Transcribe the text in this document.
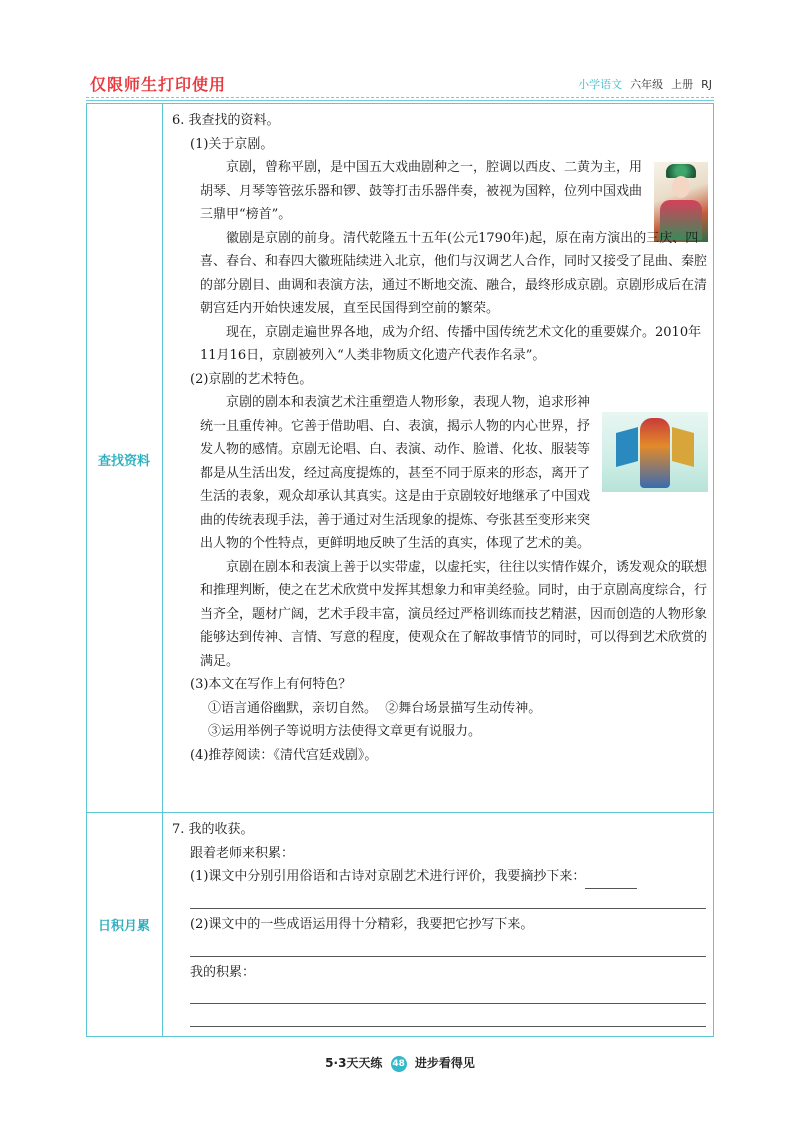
仅限师生打印使用	小学语文 六年级 上册 RJ
查找资料
日积月累

6. 我查找的资料。

(1)关于京剧。

京剧，曾称平剧，是中国五大戏曲剧种之一，腔调以西皮、二黄为主，用胡琴、月琴等管弦乐器和锣、鼓等打击乐器伴奏，被视为国粹，位列中国戏曲三鼎甲“榜首”。

徽剧是京剧的前身。清代乾隆五十五年(公元1790年)起，原在南方演出的三庆、四喜、春台、和春四大徽班陆续进入北京，他们与汉调艺人合作，同时又接受了昆曲、秦腔的部分剧目、曲调和表演方法，通过不断地交流、融合，最终形成京剧。京剧形成后在清朝宫廷内开始快速发展，直至民国得到空前的繁荣。

现在，京剧走遍世界各地，成为介绍、传播中国传统艺术文化的重要媒介。2010年11月16日，京剧被列入“人类非物质文化遗产代表作名录”。

(2)京剧的艺术特色。

京剧的剧本和表演艺术注重塑造人物形象，表现人物，追求形神统一且重传神。它善于借助唱、白、表演，揭示人物的内心世界，抒发人物的感情。京剧无论唱、白、表演、动作、脸谱、化妆、服装等都是从生活出发，经过高度提炼的，甚至不同于原来的形态，离开了生活的表象，观众却承认其真实。这是由于京剧较好地继承了中国戏曲的传统表现手法，善于通过对生活现象的提炼、夸张甚至变形来突出人物的个性特点，更鲜明地反映了生活的真实，体现了艺术的美。

京剧在剧本和表演上善于以实带虚，以虚托实，往往以实情作媒介，诱发观众的联想和推理判断，使之在艺术欣赏中发挥其想象力和审美经验。同时，由于京剧高度综合，行当齐全，题材广阔，艺术手段丰富，演员经过严格训练而技艺精湛，因而创造的人物形象能够达到传神、言情、写意的程度，使观众在了解故事情节的同时，可以得到艺术欣赏的满足。

(3)本文在写作上有何特色？

①语言通俗幽默，亲切自然。 ②舞台场景描写生动传神。

③运用举例子等说明方法使得文章更有说服力。

(4)推荐阅读：《清代宫廷戏剧》。

7. 我的收获。

跟着老师来积累：

(1)课文中分别引用俗语和古诗对京剧艺术进行评价，我要摘抄下来：

(2)课文中的一些成语运用得十分精彩，我要把它抄写下来。

我的积累：

5·3天天练 48 进步看得见
